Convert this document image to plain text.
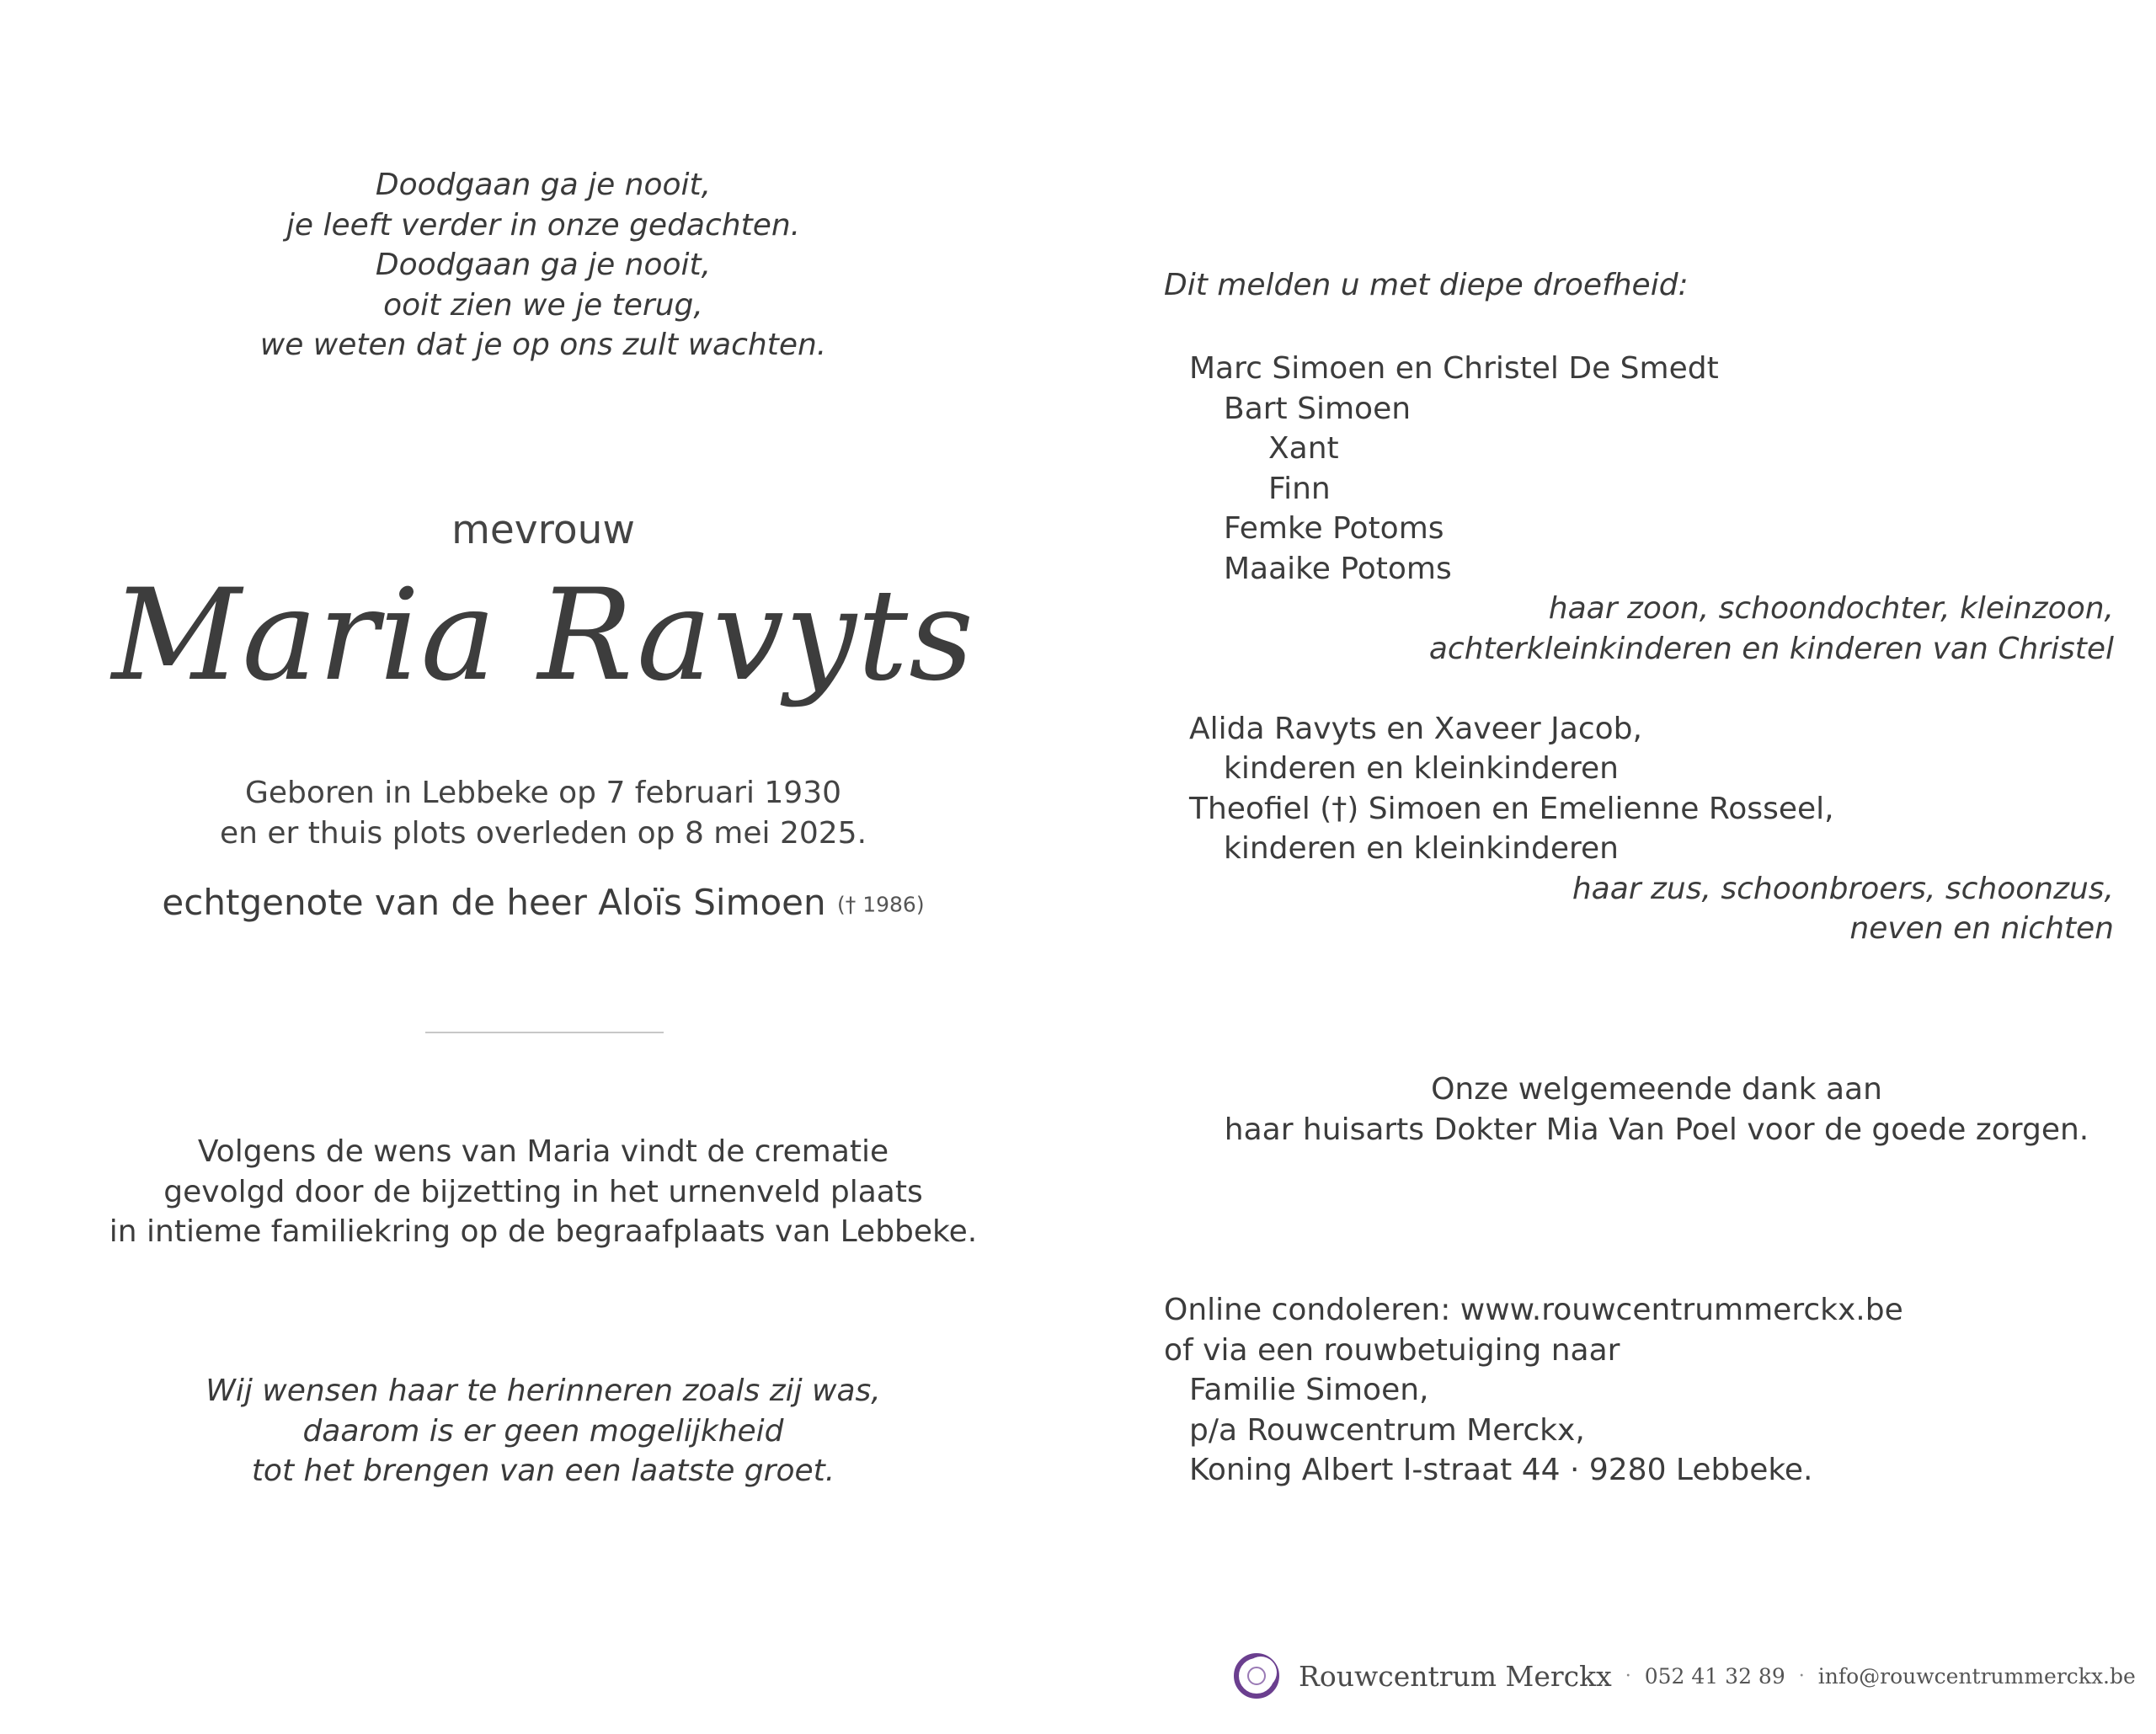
Doodgaan ga je nooit,
je leeft verder in onze gedachten.
Doodgaan ga je nooit,
ooit zien we je terug,
we weten dat je op ons zult wachten.
mevrouw
Maria Ravyts
Geboren in Lebbeke op 7 februari 1930
en er thuis plots overleden op 8 mei 2025.
echtgenote van de heer Aloïs Simoen († 1986)
Volgens de wens van Maria vindt de crematie
gevolgd door de bijzetting in het urnenveld plaats
in intieme familiekring op de begraafplaats van Lebbeke.
Wij wensen haar te herinneren zoals zij was,
daarom is er geen mogelijkheid
tot het brengen van een laatste groet.
Dit melden u met diepe droefheid:
Marc Simoen en Christel De Smedt
Bart Simoen
Xant
Finn
Femke Potoms
Maaike Potoms
haar zoon, schoondochter, kleinzoon,
achterkleinkinderen en kinderen van Christel
Alida Ravyts en Xaveer Jacob,
kinderen en kleinkinderen
Theofiel (†) Simoen en Emelienne Rosseel,
kinderen en kleinkinderen
haar zus, schoonbroers, schoonzus,
neven en nichten
Onze welgemeende dank aan
haar huisarts Dokter Mia Van Poel voor de goede zorgen.
Online condoleren: www.rouwcentrummerckx.be
of via een rouwbetuiging naar
Familie Simoen,
p/a Rouwcentrum Merckx,
Koning Albert I-straat 44 · 9280 Lebbeke.
Rouwcentrum Merckx · 052 41 32 89 · info@rouwcentrummerckx.be
